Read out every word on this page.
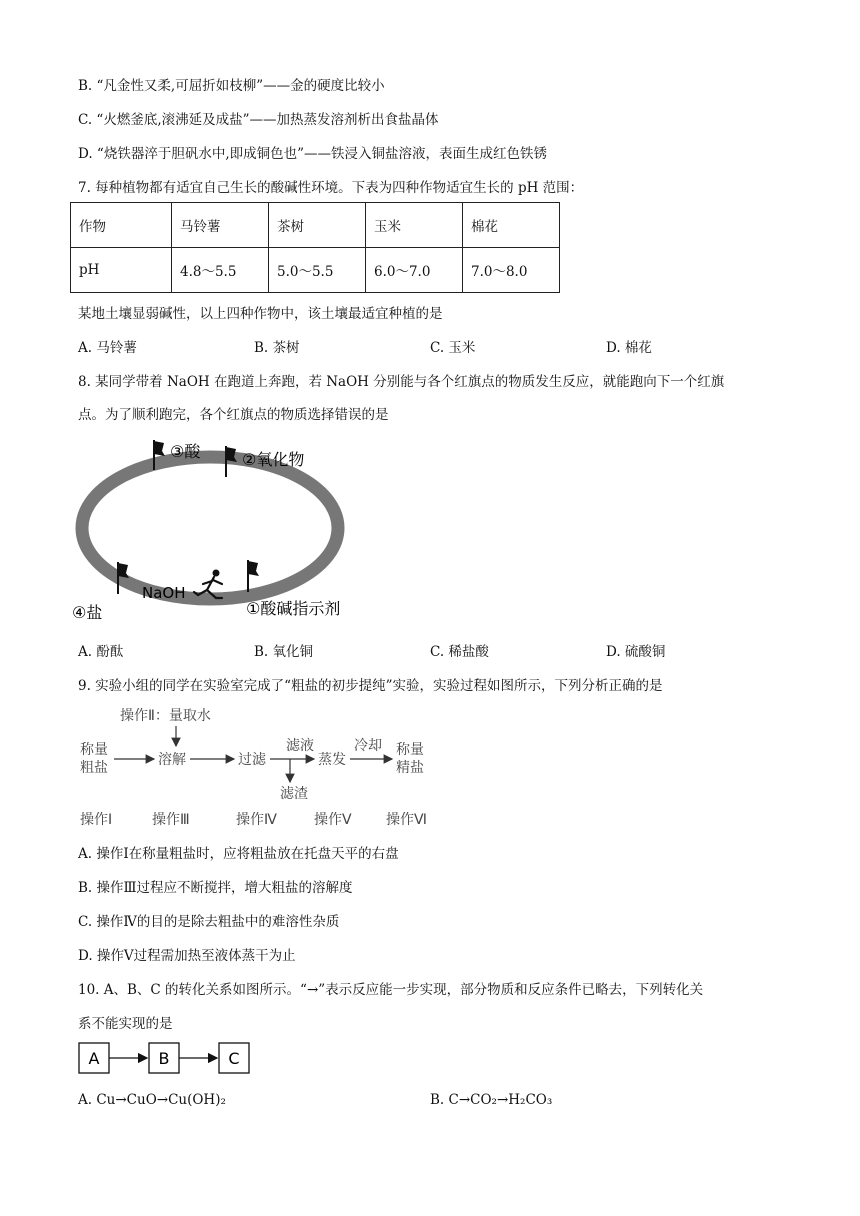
B. “凡金性又柔,可屈折如枝柳”——金的硬度比较小
C. “火燃釜底,滚沸延及成盐”——加热蒸发溶剂析出食盐晶体
D. “烧铁器淬于胆矾水中,即成铜色也”——铁浸入铜盐溶液，表面生成红色铁锈
7. 每种植物都有适宜自己生长的酸碱性环境。下表为四种作物适宜生长的 pH 范围：
作物	马铃薯	茶树	玉米	棉花
pH	4.8～5.5	5.0～5.5	6.0～7.0	7.0～8.0
某地土壤显弱碱性，以上四种作物中，该土壤最适宜种植的是
A. 马铃薯	B. 茶树	C. 玉米	D. 棉花
8. 某同学带着 NaOH 在跑道上奔跑，若 NaOH 分别能与各个红旗点的物质发生反应，就能跑向下一个红旗
点。为了顺利跑完，各个红旗点的物质选择错误的是
③酸	②氧化物
④盐	①酸碱指示剂
NaOH
A. 酚酞	B. 氧化铜	C. 稀盐酸	D. 硫酸铜
9. 实验小组的同学在实验室完成了“粗盐的初步提纯”实验，实验过程如图所示，下列分析正确的是
操作Ⅱ：量取水
称量
粗盐	溶解	过滤
滤液
滤渣
蒸发
冷却 称量
精盐
操作Ⅰ	操作Ⅲ	操作Ⅳ	操作Ⅴ 操作Ⅵ
A. 操作Ⅰ在称量粗盐时，应将粗盐放在托盘天平的右盘
B. 操作Ⅲ过程应不断搅拌，增大粗盐的溶解度
C. 操作Ⅳ的目的是除去粗盐中的难溶性杂质
D. 操作Ⅴ过程需加热至液体蒸干为止
10. A、B、C 的转化关系如图所示。“→”表示反应能一步实现，部分物质和反应条件已略去，下列转化关
系不能实现的是
A	B	C
A. Cu→CuO→Cu(OH)₂	B. C→CO₂→H₂CO₃
